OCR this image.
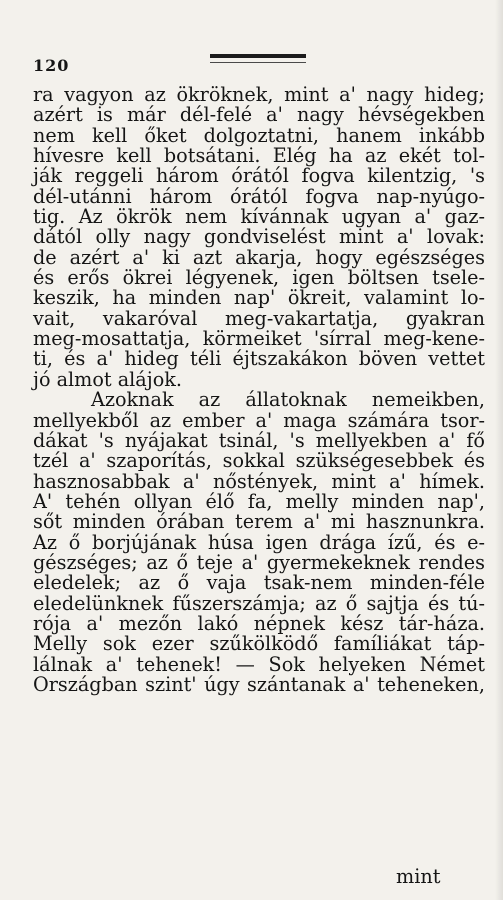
120
ra vagyon az ökröknek, mint a' nagy hideg;
azért is már dél-felé a' nagy hévségekben
nem kell őket dolgoztatni, hanem inkább
hívesre kell botsátani. Elég ha az ekét tol-
ják reggeli három órától fogva kilentzig, 's
dél-utánni három órától fogva nap-nyúgo-
tig. Az ökrök nem kívánnak ugyan a' gaz-
dától olly nagy gondviselést mint a' lovak:
de azért a' ki azt akarja, hogy egészséges
és erős ökrei légyenek, igen böltsen tsele-
keszik, ha minden nap' ökreit, valamint lo-
vait, vakaróval meg-vakartatja, gyakran
meg-mosattatja, körmeiket 'sírral meg-kene-
ti, és a' hideg téli éjtszakákon böven vettet
jó almot alájok.
Azoknak az állatoknak nemeikben,
mellyekből az ember a' maga számára tsor-
dákat 's nyájakat tsinál, 's mellyekben a' fő
tzél a' szaporítás, sokkal szükségesebbek és
hasznosabbak a' nőstények, mint a' hímek.
A' tehén ollyan élő fa, melly minden nap',
sőt minden órában terem a' mi hasznunkra.
Az ő borjújának húsa igen drága ízű, és e-
gészséges; az ő teje a' gyermekeknek rendes
eledelek; az ő vaja tsak-nem minden-féle
eledelünknek fűszerszámja; az ő sajtja és tú-
rója a' mezőn lakó népnek kész tár-háza.
Melly sok ezer szűkölködő famíliákat táp-
lálnak a' tehenek! — Sok helyeken Német
Országban szint' úgy szántanak a' teheneken,
mint
